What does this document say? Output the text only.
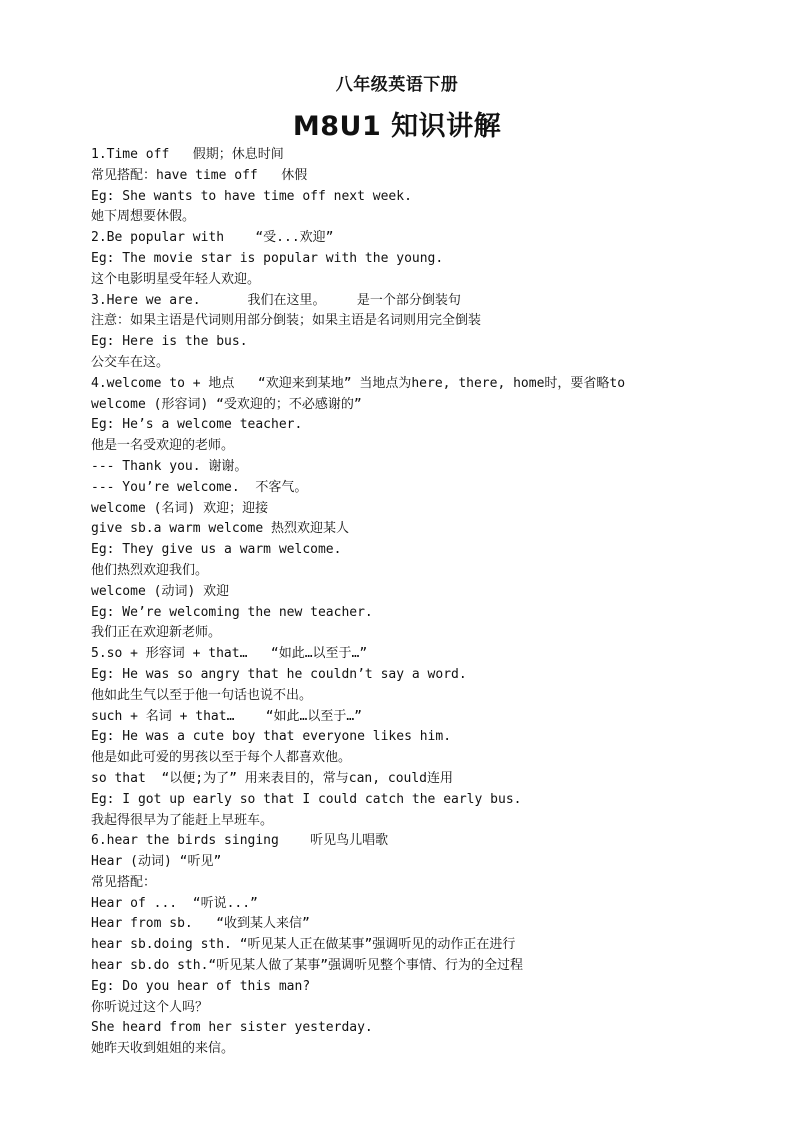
八年级英语下册
M8U1 知识讲解
1.Time off   假期；休息时间
常见搭配：have time off   休假
Eg: She wants to have time off next week.
她下周想要休假。
2.Be popular with    “受...欢迎”
Eg: The movie star is popular with the young.
这个电影明星受年轻人欢迎。
3.Here we are.      我们在这里。    是一个部分倒装句
注意：如果主语是代词则用部分倒装；如果主语是名词则用完全倒装
Eg: Here is the bus.
公交车在这。
4.welcome to + 地点   “欢迎来到某地” 当地点为here, there, home时，要省略to
welcome (形容词) “受欢迎的；不必感谢的”
Eg: He’s a welcome teacher.
他是一名受欢迎的老师。
--- Thank you. 谢谢。
--- You’re welcome.  不客气。
welcome (名词) 欢迎；迎接
give sb.a warm welcome 热烈欢迎某人
Eg: They give us a warm welcome.
他们热烈欢迎我们。
welcome (动词) 欢迎
Eg: We’re welcoming the new teacher.
我们正在欢迎新老师。
5.so + 形容词 + that…   “如此…以至于…”
Eg: He was so angry that he couldn’t say a word.
他如此生气以至于他一句话也说不出。
such + 名词 + that…    “如此…以至于…”
Eg: He was a cute boy that everyone likes him.
他是如此可爱的男孩以至于每个人都喜欢他。
so that  “以便;为了” 用来表目的，常与can, could连用
Eg: I got up early so that I could catch the early bus.
我起得很早为了能赶上早班车。
6.hear the birds singing    听见鸟儿唱歌
Hear (动词) “听见”
常见搭配：
Hear of ...  “听说...”
Hear from sb.   “收到某人来信”
hear sb.doing sth. “听见某人正在做某事”强调听见的动作正在进行
hear sb.do sth.“听见某人做了某事”强调听见整个事情、行为的全过程
Eg: Do you hear of this man?
你听说过这个人吗？
She heard from her sister yesterday.
她昨天收到姐姐的来信。
